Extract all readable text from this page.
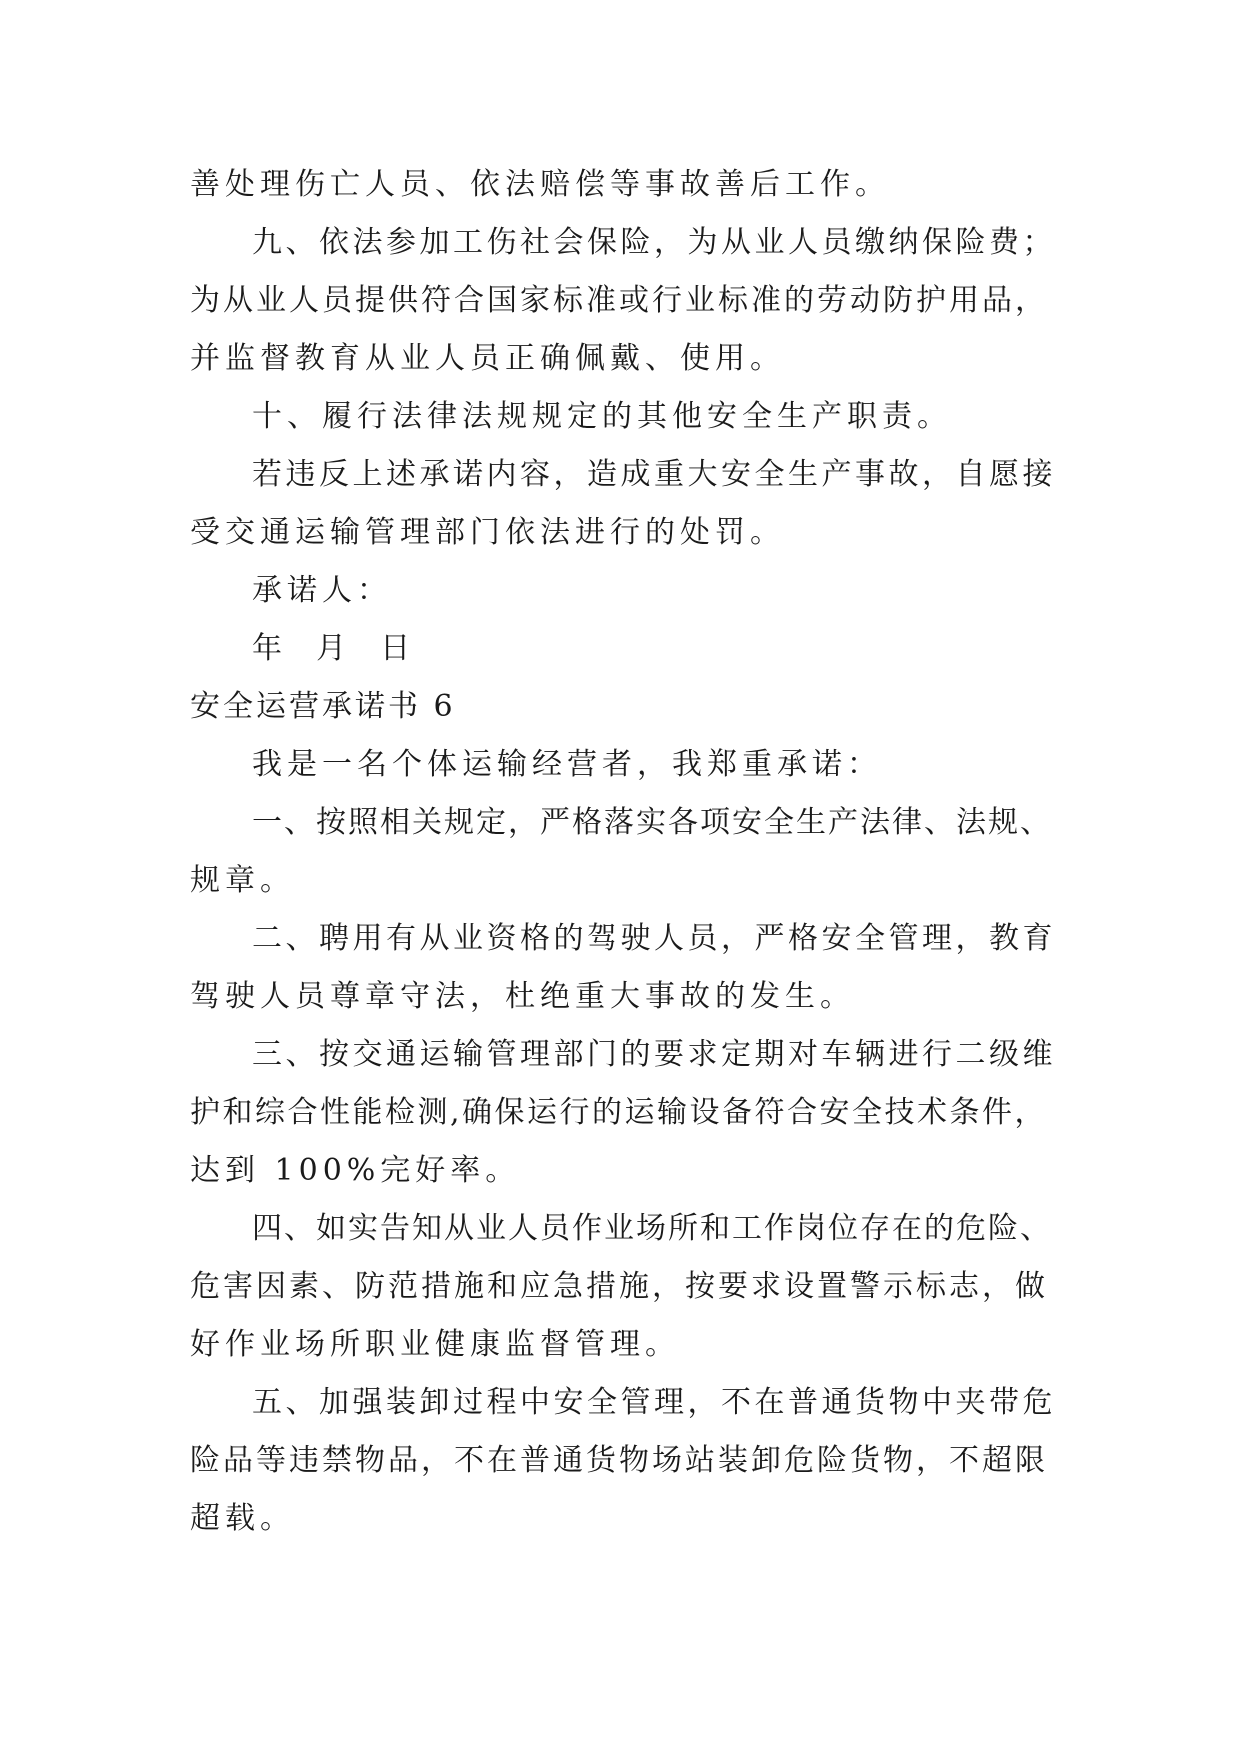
善处理伤亡人员、依法赔偿等事故善后工作。
九、依法参加工伤社会保险，为从业人员缴纳保险费；
为从业人员提供符合国家标准或行业标准的劳动防护用品，
并监督教育从业人员正确佩戴、使用。
十、履行法律法规规定的其他安全生产职责。
若违反上述承诺内容，造成重大安全生产事故，自愿接
受交通运输管理部门依法进行的处罚。
承诺人：
年  月  日
安全运营承诺书 6
我是一名个体运输经营者，我郑重承诺：
一、按照相关规定，严格落实各项安全生产法律、法规、
规章。
二、聘用有从业资格的驾驶人员，严格安全管理，教育
驾驶人员尊章守法，杜绝重大事故的发生。
三、按交通运输管理部门的要求定期对车辆进行二级维
护和综合性能检测,确保运行的运输设备符合安全技术条件，
达到 100%完好率。
四、如实告知从业人员作业场所和工作岗位存在的危险、
危害因素、防范措施和应急措施，按要求设置警示标志，做
好作业场所职业健康监督管理。
五、加强装卸过程中安全管理，不在普通货物中夹带危
险品等违禁物品，不在普通货物场站装卸危险货物，不超限
超载。
